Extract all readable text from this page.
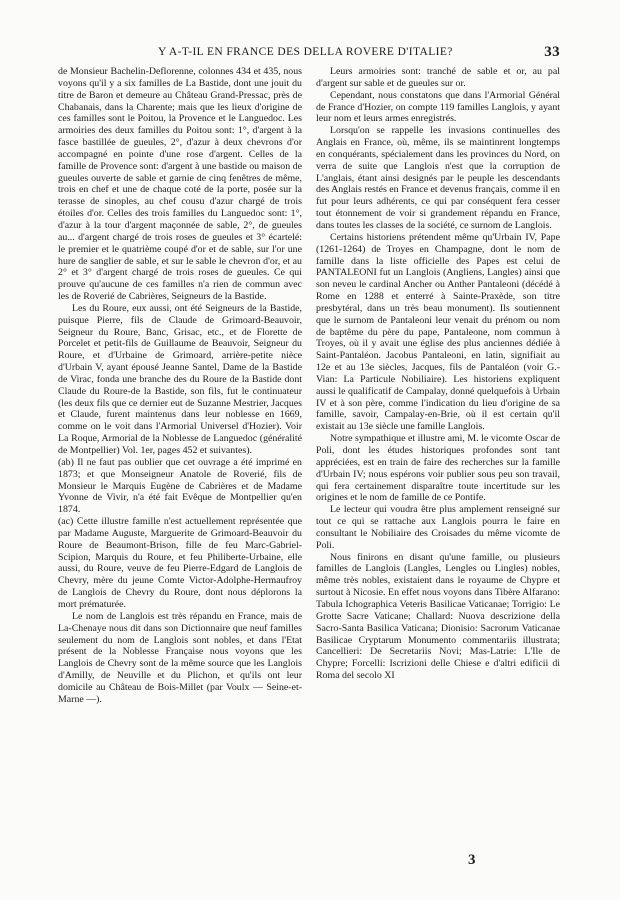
Y A-T-IL EN FRANCE DES DELLA ROVERE D'ITALIE?	33

de Monsieur Bachelin-Deflorenne, colonnes 434 et 435, nous voyons qu'il y a six familles de La Bastide, dont une jouit du titre de Baron et demeure au Château Grand-Pressac, près de Chabanais, dans la Charente; mais que les lieux d'origine de ces familles sont le Poitou, la Provence et le Languedoc. Les armoiries des deux familles du Poitou sont: 1°, d'argent à la fasce bastillée de gueules, 2°, d'azur à deux chevrons d'or accompagné en pointe d'une rose d'argent. Celles de la famille de Provence sont: d'argent à une bastide ou maison de gueules ouverte de sable et garnie de cinq fenêtres de même, trois en chef et une de chaque coté de la porte, posée sur la terasse de sinoples, au chef cousu d'azur chargé de trois étoiles d'or. Celles des trois familles du Languedoc sont: 1°, d'azur à la tour d'argent maçonnée de sable, 2°, de gueules au... d'argent chargé de trois roses de gueules et 3° écartelé: le premier et le quatrième coupé d'or et de sable, sur l'or une hure de sanglier de sable, et sur le sable le chevron d'or, et au 2° et 3° d'argent chargé de trois roses de gueules. Ce qui prouve qu'aucune de ces familles n'a rien de commun avec les de Roverié de Cabrières, Seigneurs de la Bastide.

Les du Roure, eux aussi, ont été Seigneurs de la Bastide, puisque Pierre, fils de Claude de Grimoard-Beauvoir, Seigneur du Roure, Banc, Grisac, etc., et de Florette de Porcelet et petit-fils de Guillaume de Beauvoir, Seigneur du Roure, et d'Urbaine de Grimoard, arrière-petite nièce d'Urbain V, ayant épousé Jeanne Santel, Dame de la Bastide de Virac, fonda une branche des du Roure de la Bastide dont Claude du Roure-de la Bastide, son fils, fut le continuateur (les deux fils que ce dernier eut de Suzanne Mestrier, Jacques et Claude, furent maintenus dans leur noblesse en 1669, comme on le voit dans l'Armorial Universel d'Hozier). Voir La Roque, Armorial de la Noblesse de Languedoc (généralité de Montpellier) Vol. 1er, pages 452 et suivantes).

(ab) Il ne faut pas oublier que cet ouvrage a été imprimé en 1873; et que Monseigneur Anatole de Roverié, fils de Monsieur le Marquis Eugène de Cabrières et de Madame Yvonne de Vivir, n'a été fait Evêque de Montpellier qu'en 1874.

(ac) Cette illustre famille n'est actuellement représentée que par Madame Auguste, Marguerite de Grimoard-Beauvoir du Roure de Beaumont-Brison, fille de feu Marc-Gabriel-Scipion, Marquis du Roure, et feu Philiberte-Urbaine, elle aussi, du Roure, veuve de feu Pierre-Edgard de Langlois de Chevry, mère du jeune Comte Victor-Adolphe-Hermaufroy de Langlois de Chevry du Roure, dont nous déplorons la mort prématurée.

Le nom de Langlois est très répandu en France, mais de La-Chenaye nous dit dans son Dictionnaire que neuf familles seulement du nom de Langlois sont nobles, et dans l'Etat présent de la Noblesse Française nous voyons que les Langlois de Chevry sont de la même source que les Langlois d'Amilly, de Neuville et du Plichon, et qu'ils ont leur domicile au Château de Bois-Millet (par Voulx — Seine-et-Marne —).

Leurs armoiries sont: tranché de sable et or, au pal d'argent sur sable et de gueules sur or.

Cependant, nous constatons que dans l'Armorial Général de France d'Hozier, on compte 119 familles Langlois, y ayant leur nom et leurs armes enregistrés.

Lorsqu'on se rappelle les invasions continuelles des Anglais en France, où, même, ils se maintinrent longtemps en conquérants, spécialement dans les provinces du Nord, on verra de suite que Langlois n'est que la corruption de L'anglais, étant ainsi designés par le peuple les descendants des Anglais restés en France et devenus français, comme il en fut pour leurs adhérents, ce qui par conséquent fera cesser tout étonnement de voir si grandement répandu en France, dans toutes les classes de la société, ce surnom de Langlois.

Certains historiens prétendent même qu'Urbain IV, Pape (1261-1264) de Troyes en Champagne, dont le nom de famille dans la liste officielle des Papes est celui de PANTALEONI fut un Langlois (Angliens, Langles) ainsi que son neveu le cardinal Ancher ou Anther Pantaleoni (décédé à Rome en 1288 et enterré à Sainte-Praxède, son titre presbytéral, dans un très beau monument). Ils soutiennent que le surnom de Pantaleoni leur venait du prénom ou nom de baptême du père du pape, Pantaleone, nom commun à Troyes, où il y avait une église des plus anciennes dédiée à Saint-Pantaléon. Jacobus Pantaleoni, en latin, signifiait au 12e et au 13e siècles, Jacques, fils de Pantaléon (voir G.-Vian: La Particule Nobiliaire). Les historiens expliquent aussi le qualificatif de Campalay, donné quelquefois à Urbain IV et à son père, comme l'indication du lieu d'origine de sa famille, savoir, Campalay-en-Brie, où il est certain qu'il existait au 13e siècle une famille Langlois.

Notre sympathique et illustre ami, M. le vicomte Oscar de Poli, dont les études historiques profondes sont tant appréciées, est en train de faire des recherches sur la famille d'Urbain IV; nous espérons voir publier sous peu son travail, qui fera certainement disparaître toute incertitude sur les origines et le nom de famille de ce Pontife.

Le lecteur qui voudra être plus amplement renseigné sur tout ce qui se rattache aux Langlois pourra le faire en consultant le Nobiliaire des Croisades du même vicomte de Poli.

Nous finirons en disant qu'une famille, ou plusieurs familles de Langlois (Langles, Lengles ou Lingles) nobles, même très nobles, existaient dans le royaume de Chypre et surtout à Nicosie. En effet nous voyons dans Tibère Alfarano: Tabula Ichographica Veteris Basilicae Vaticanae; Torrigio: Le Grotte Sacre Vaticane; Challard: Nuova descrizione della Sacro-Santa Basilica Vaticana; Dionisio: Sacrorum Vaticanae Basilicae Cryptarum Monumento commentariis illustrata; Cancellieri: De Secretariis Novi; Mas-Latrie: L'Ile de Chypre; Forcelli: Iscrizioni delle Chiese e d'altri edificii di Roma del secolo XI

3
